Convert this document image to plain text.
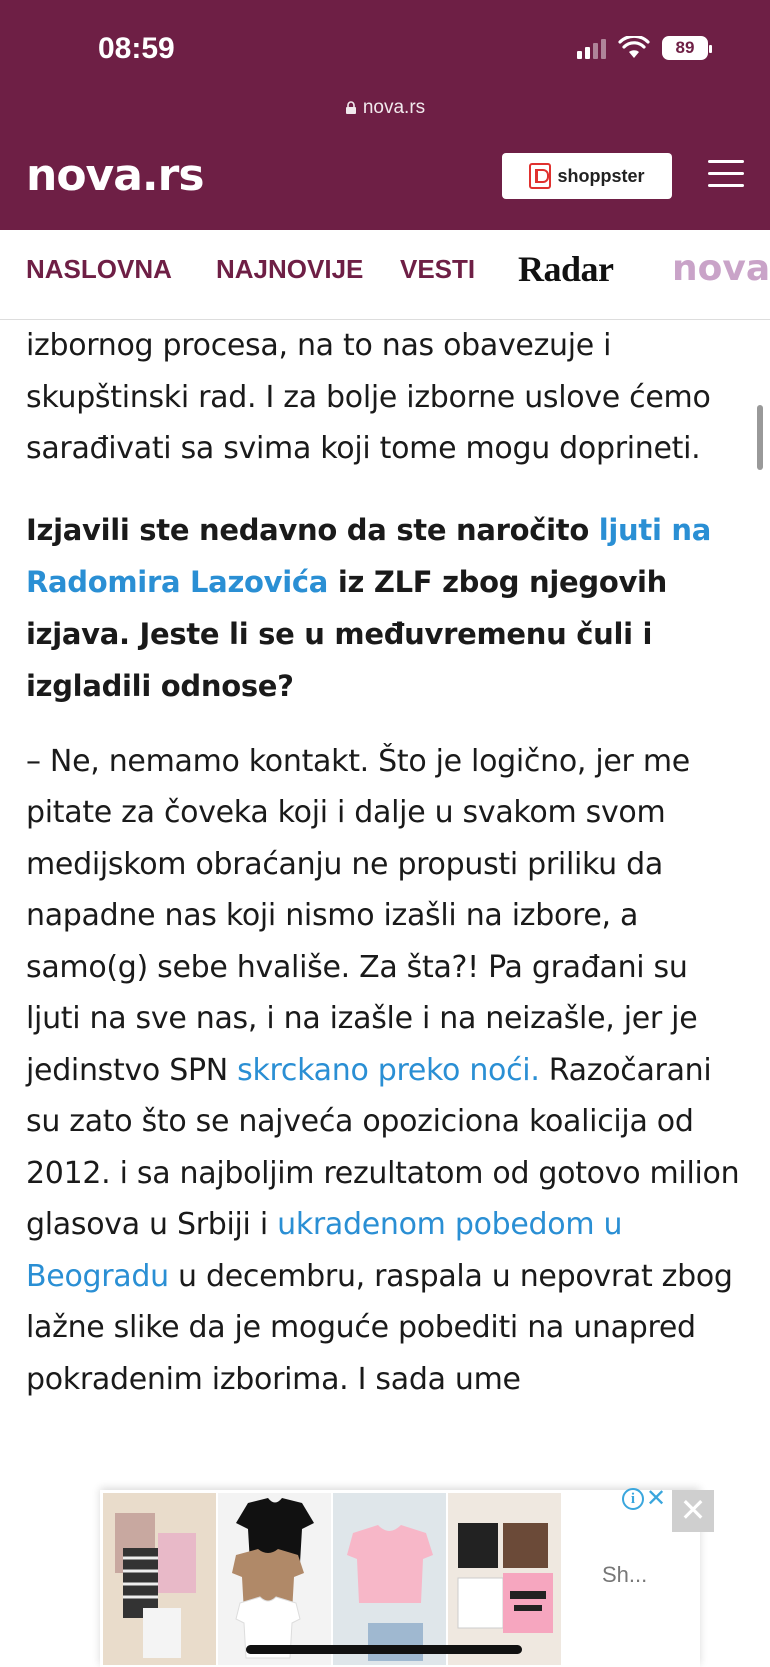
08:59	89
nova.rs
nova.rs	shoppster
NASLOVNA NAJNOVIJE VESTI Radar nova

izbornog procesa, na to nas obavezuje i skupštinski rad. I za bolje izborne uslove ćemo sarađivati sa svima koji tome mogu doprineti.

Izjavili ste nedavno da ste naročito ljuti na Radomira Lazovića iz ZLF zbog njegovih izjava. Jeste li se u međuvremenu čuli i izgladili odnose?

– Ne, nemamo kontakt. Što je logično, jer me pitate za čoveka koji i dalje u svakom svom medijskom obraćanju ne propusti priliku da napadne nas koji nismo izašli na izbore, a samo(g) sebe hvališe. Za šta?! Pa građani su ljuti na sve nas, i na izašle i na neizašle, jer je jedinstvo SPN skrckano preko noći. Razočarani su zato što se najveća opoziciona koalicija od 2012. i sa najboljim rezultatom od gotovo milion glasova u Srbiji i ukradenom pobedom u Beogradu u decembru, raspala u nepovrat zbog lažne slike da je moguće pobediti na unapred pokradenim izborima. I sada ume

Sh...
i ✕ ✕
